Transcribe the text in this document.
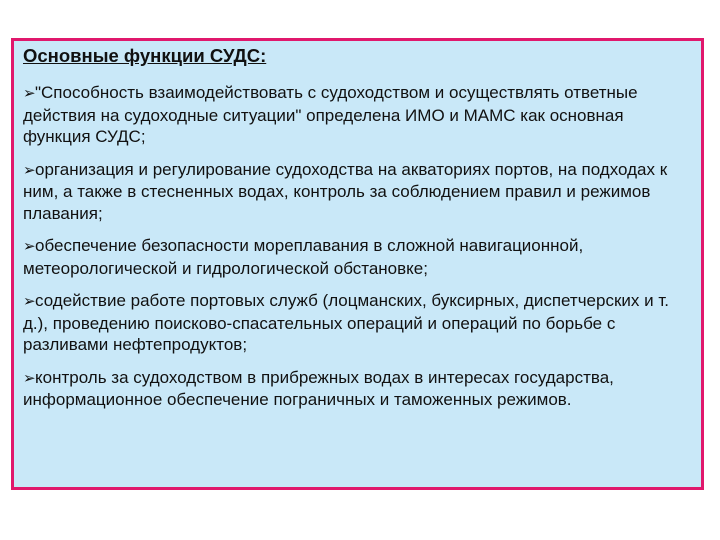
Основные функции СУДС:
➢"Способность взаимодействовать с судоходством и осуществлять ответные действия на судоходные ситуации" определена ИМО и МАМС как основная функция СУДС;
➢организация и регулирование судоходства на акваториях портов, на подходах к ним, а также в стесненных водах, контроль за соблюдением правил и режимов плавания;
➢обеспечение безопасности мореплавания в сложной навигационной, метеорологической и гидрологической обстановке;
➢содействие работе портовых служб (лоцманских, буксирных, диспетчерских и т. д.), проведению поисково-спасательных операций и операций по борьбе с разливами нефтепродуктов;
➢контроль за судоходством в прибрежных водах в интересах государства, информационное обеспечение пограничных и таможенных режимов.
